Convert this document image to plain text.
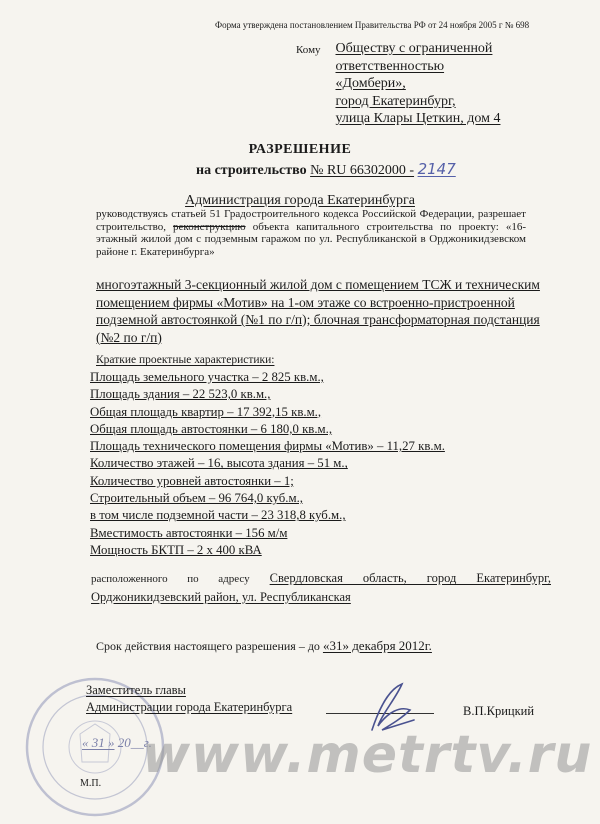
Форма утверждена постановлением Правительства РФ от 24 ноября 2005 г № 698
Кому Обществу с ограниченной
ответственностью
«Домбери»,
город Екатеринбург,
улица Клары Цеткин, дом 4
РАЗРЕШЕНИЕ
на строительство № RU 66302000 - 2147
Администрация города Екатеринбурга
руководствуясь статьей 51 Градостроительного кодекса Российской Федерации, разрешает строительство, реконструкцию объекта капитального строительства по проекту: «16-этажный жилой дом с подземным гаражом по ул. Республиканской в Орджоникидзевском районе г. Екатеринбурга»
многоэтажный 3-секционный жилой дом с помещением ТСЖ и техническим помещением фирмы «Мотив» на 1-ом этаже со встроенно-пристроенной подземной автостоянкой (№1 по г/п); блочная трансформаторная подстанция (№2 по г/п)
Краткие проектные характеристики:
Площадь земельного участка – 2 825 кв.м.,
Площадь здания – 22 523,0 кв.м.,
Общая площадь квартир – 17 392,15 кв.м.,
Общая площадь автостоянки – 6 180,0 кв.м.,
Площадь технического помещения фирмы «Мотив» – 11,27 кв.м.
Количество этажей – 16, высота здания – 51 м.,
Количество уровней автостоянки – 1;
Строительный объем – 96 764,0 куб.м.,
в том числе подземной части – 23 318,8 куб.м.,
Вместимость автостоянки – 156 м/м
Мощность БКТП – 2 х 400 кВА
расположенного по адресу Свердловская область, город Екатеринбург, Орджоникидзевский район, ул. Республиканская
Срок действия настоящего разрешения – до «31» декабря 2012г.
Заместитель главы
Администрации города Екатеринбурга	В.П.Крицкий
« 31 » 20__г.
www.metrtv.ru
М.П.
